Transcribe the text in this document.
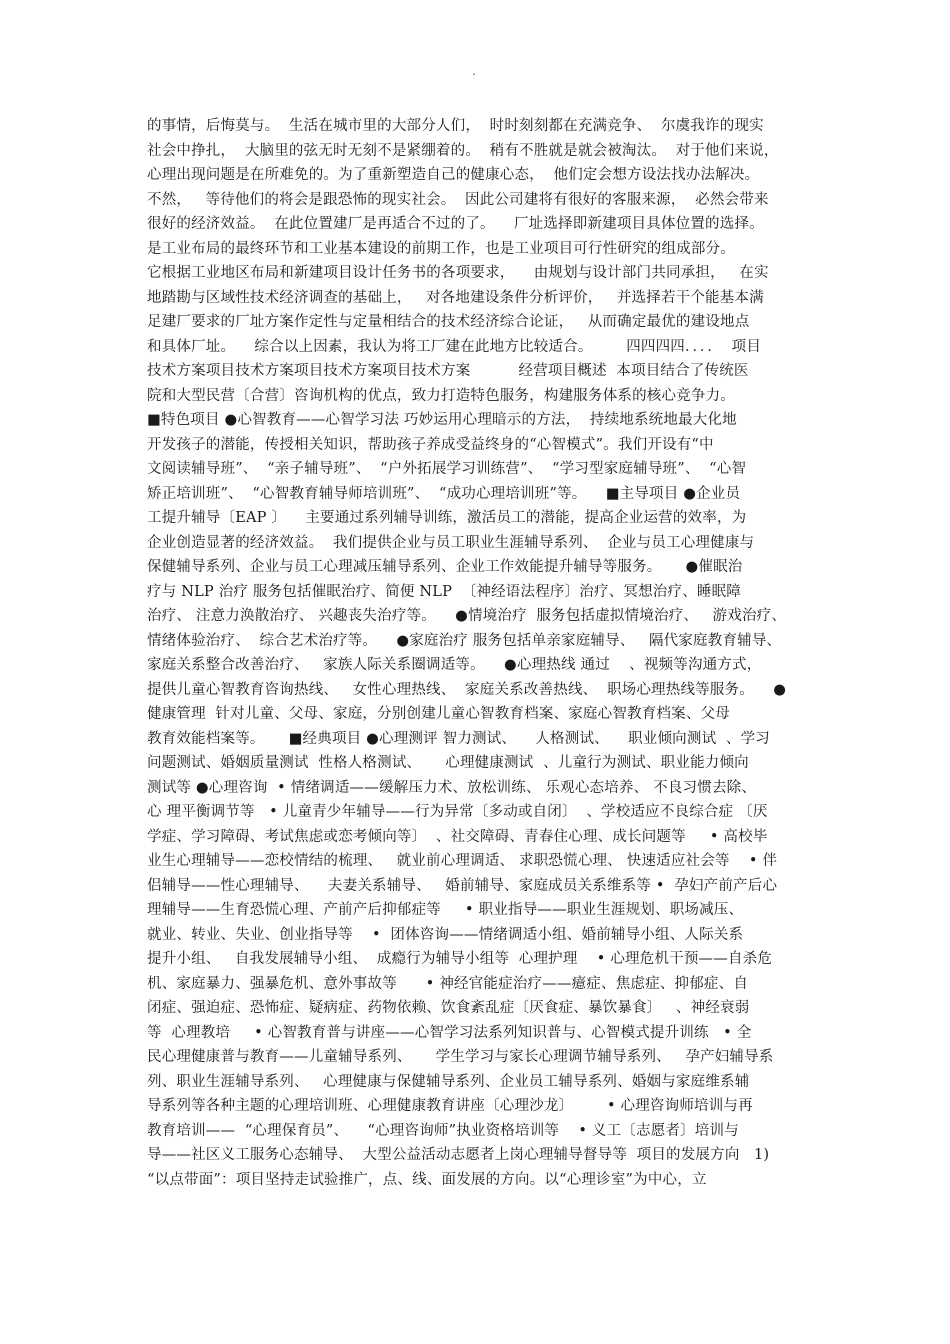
.
的事情，后悔莫与。  生活在城市里的大部分人们，  时时刻刻都在充满竞争、  尔虞我诈的现实
社会中挣扎，  大脑里的弦无时无刻不是紧绷着的。  稍有不胜就是就会被淘汰。  对于他们来说，
心理出现问题是在所难免的。为了重新塑造自己的健康心态，  他们定会想方设法找办法解决。
不然，   等待他们的将会是跟恐怖的现实社会。  因此公司建将有很好的客服来源，  必然会带来
很好的经济效益。  在此位置建厂是再适合不过的了。    厂址选择即新建项目具体位置的选择。
是工业布局的最终环节和工业基本建设的前期工作，也是工业项目可行性研究的组成部分。
它根据工业地区布局和新建项目设计任务书的各项要求，    由规划与设计部门共同承担，   在实
地踏勘与区域性技术经济调查的基础上，   对各地建设条件分析评价，   并选择若干个能基本满
足建厂要求的厂址方案作定性与定量相结合的技术经济综合论证，   从而确定最优的建设地点
和具体厂址。    综合以上因素，我认为将工厂建在此地方比较适合。       四四四四．．．．  项目
技术方案项目技术方案项目技术方案项目技术方案          经营项目概述  本项目结合了传统医
院和大型民营〔合营〕咨询机构的优点，致力打造特色服务，构建服务体系的核心竞争力。
■特色项目 ●心智教育——心智学习法 巧妙运用心理暗示的方法，  持续地系统地最大化地
开发孩子的潜能，传授相关知识，帮助孩子养成受益终身的“心智模式”。我们开设有“中
文阅读辅导班”、  “亲子辅导班”、  “户外拓展学习训练营”、  “学习型家庭辅导班”、  “心智
矫正培训班”、  “心智教育辅导师培训班”、  “成功心理培训班”等。    ■主导项目 ●企业员
工提升辅导〔EAP 〕    主要通过系列辅导训练，激活员工的潜能，提高企业运营的效率，为
企业创造显著的经济效益。  我们提供企业与员工职业生涯辅导系列、  企业与员工心理健康与
保健辅导系列、企业与员工心理减压辅导系列、企业工作效能提升辅导等服务。     ●催眠治
疗与 NLP 治疗 服务包括催眠治疗、简便 NLP  〔神经语法程序〕治疗、冥想治疗、睡眠障
治疗、 注意力涣散治疗、 兴趣丧失治疗等。    ●情境治疗  服务包括虚拟情境治疗、   游戏治疗、
情绪体验治疗、  综合艺术治疗等。    ●家庭治疗 服务包括单亲家庭辅导、   隔代家庭教育辅导、
家庭关系整合改善治疗、   家族人际关系圈调适等。    ●心理热线 通过    、视频等沟通方式，
提供儿童心智教育咨询热线、   女性心理热线、  家庭关系改善热线、  职场心理热线等服务。    ●
健康管理  针对儿童、父母、家庭，分别创建儿童心智教育档案、家庭心智教育档案、父母
教育效能档案等。     ■经典项目 ●心理测评 智力测试、    人格测试、    职业倾向测试  、学习
问题测试、婚姻质量测试  性格人格测试、     心理健康测试  、儿童行为测试、职业能力倾向
测试等 ●心理咨询  • 情绪调适——缓解压力术、放松训练、 乐观心态培养、 不良习惯去除、
心 理平衡调节等   • 儿童青少年辅导——行为异常〔多动或自闭〕  、学校适应不良综合症 〔厌
学症、学习障碍、考试焦虑或恋考倾向等〕  、社交障碍、青春住心理、成长问题等     • 高校毕
业生心理辅导——恋校情结的梳理、   就业前心理调适、 求职恐慌心理、 快速适应社会等    • 伴
侣辅导——性心理辅导、    夫妻关系辅导、   婚前辅导、家庭成员关系维系等 •  孕妇产前产后心
理辅导——生育恐慌心理、产前产后抑郁症等     • 职业指导——职业生涯规划、职场减压、
就业、转业、失业、创业指导等    •  团体咨询——情绪调适小组、婚前辅导小组、人际关系
提升小组、   自我发展辅导小组、  成瘾行为辅导小组等  心理护理    • 心理危机干预——自杀危
机、家庭暴力、强暴危机、意外事故等      • 神经官能症治疗——癔症、焦虑症、抑郁症、自
闭症、强迫症、恐怖症、疑病症、药物依赖、饮食紊乱症〔厌食症、暴饮暴食〕   、神经衰弱
等  心理教培     • 心智教育普与讲座——心智学习法系列知识普与、心智模式提升训练   • 全
民心理健康普与教育——儿童辅导系列、     学生学习与家长心理调节辅导系列、   孕产妇辅导系
列、职业生涯辅导系列、   心理健康与保健辅导系列、企业员工辅导系列、婚姻与家庭维系辅
导系列等各种主题的心理培训班、心理健康教育讲座〔心理沙龙〕       • 心理咨询师培训与再
教育培训——  “心理保育员”、    “心理咨询师”执业资格培训等    • 义工〔志愿者〕培训与
导——社区义工服务心态辅导、  大型公益活动志愿者上岗心理辅导督导等  项目的发展方向   1)
“以点带面”：项目坚持走试验推广，点、线、面发展的方向。以“心理诊室”为中心，立
